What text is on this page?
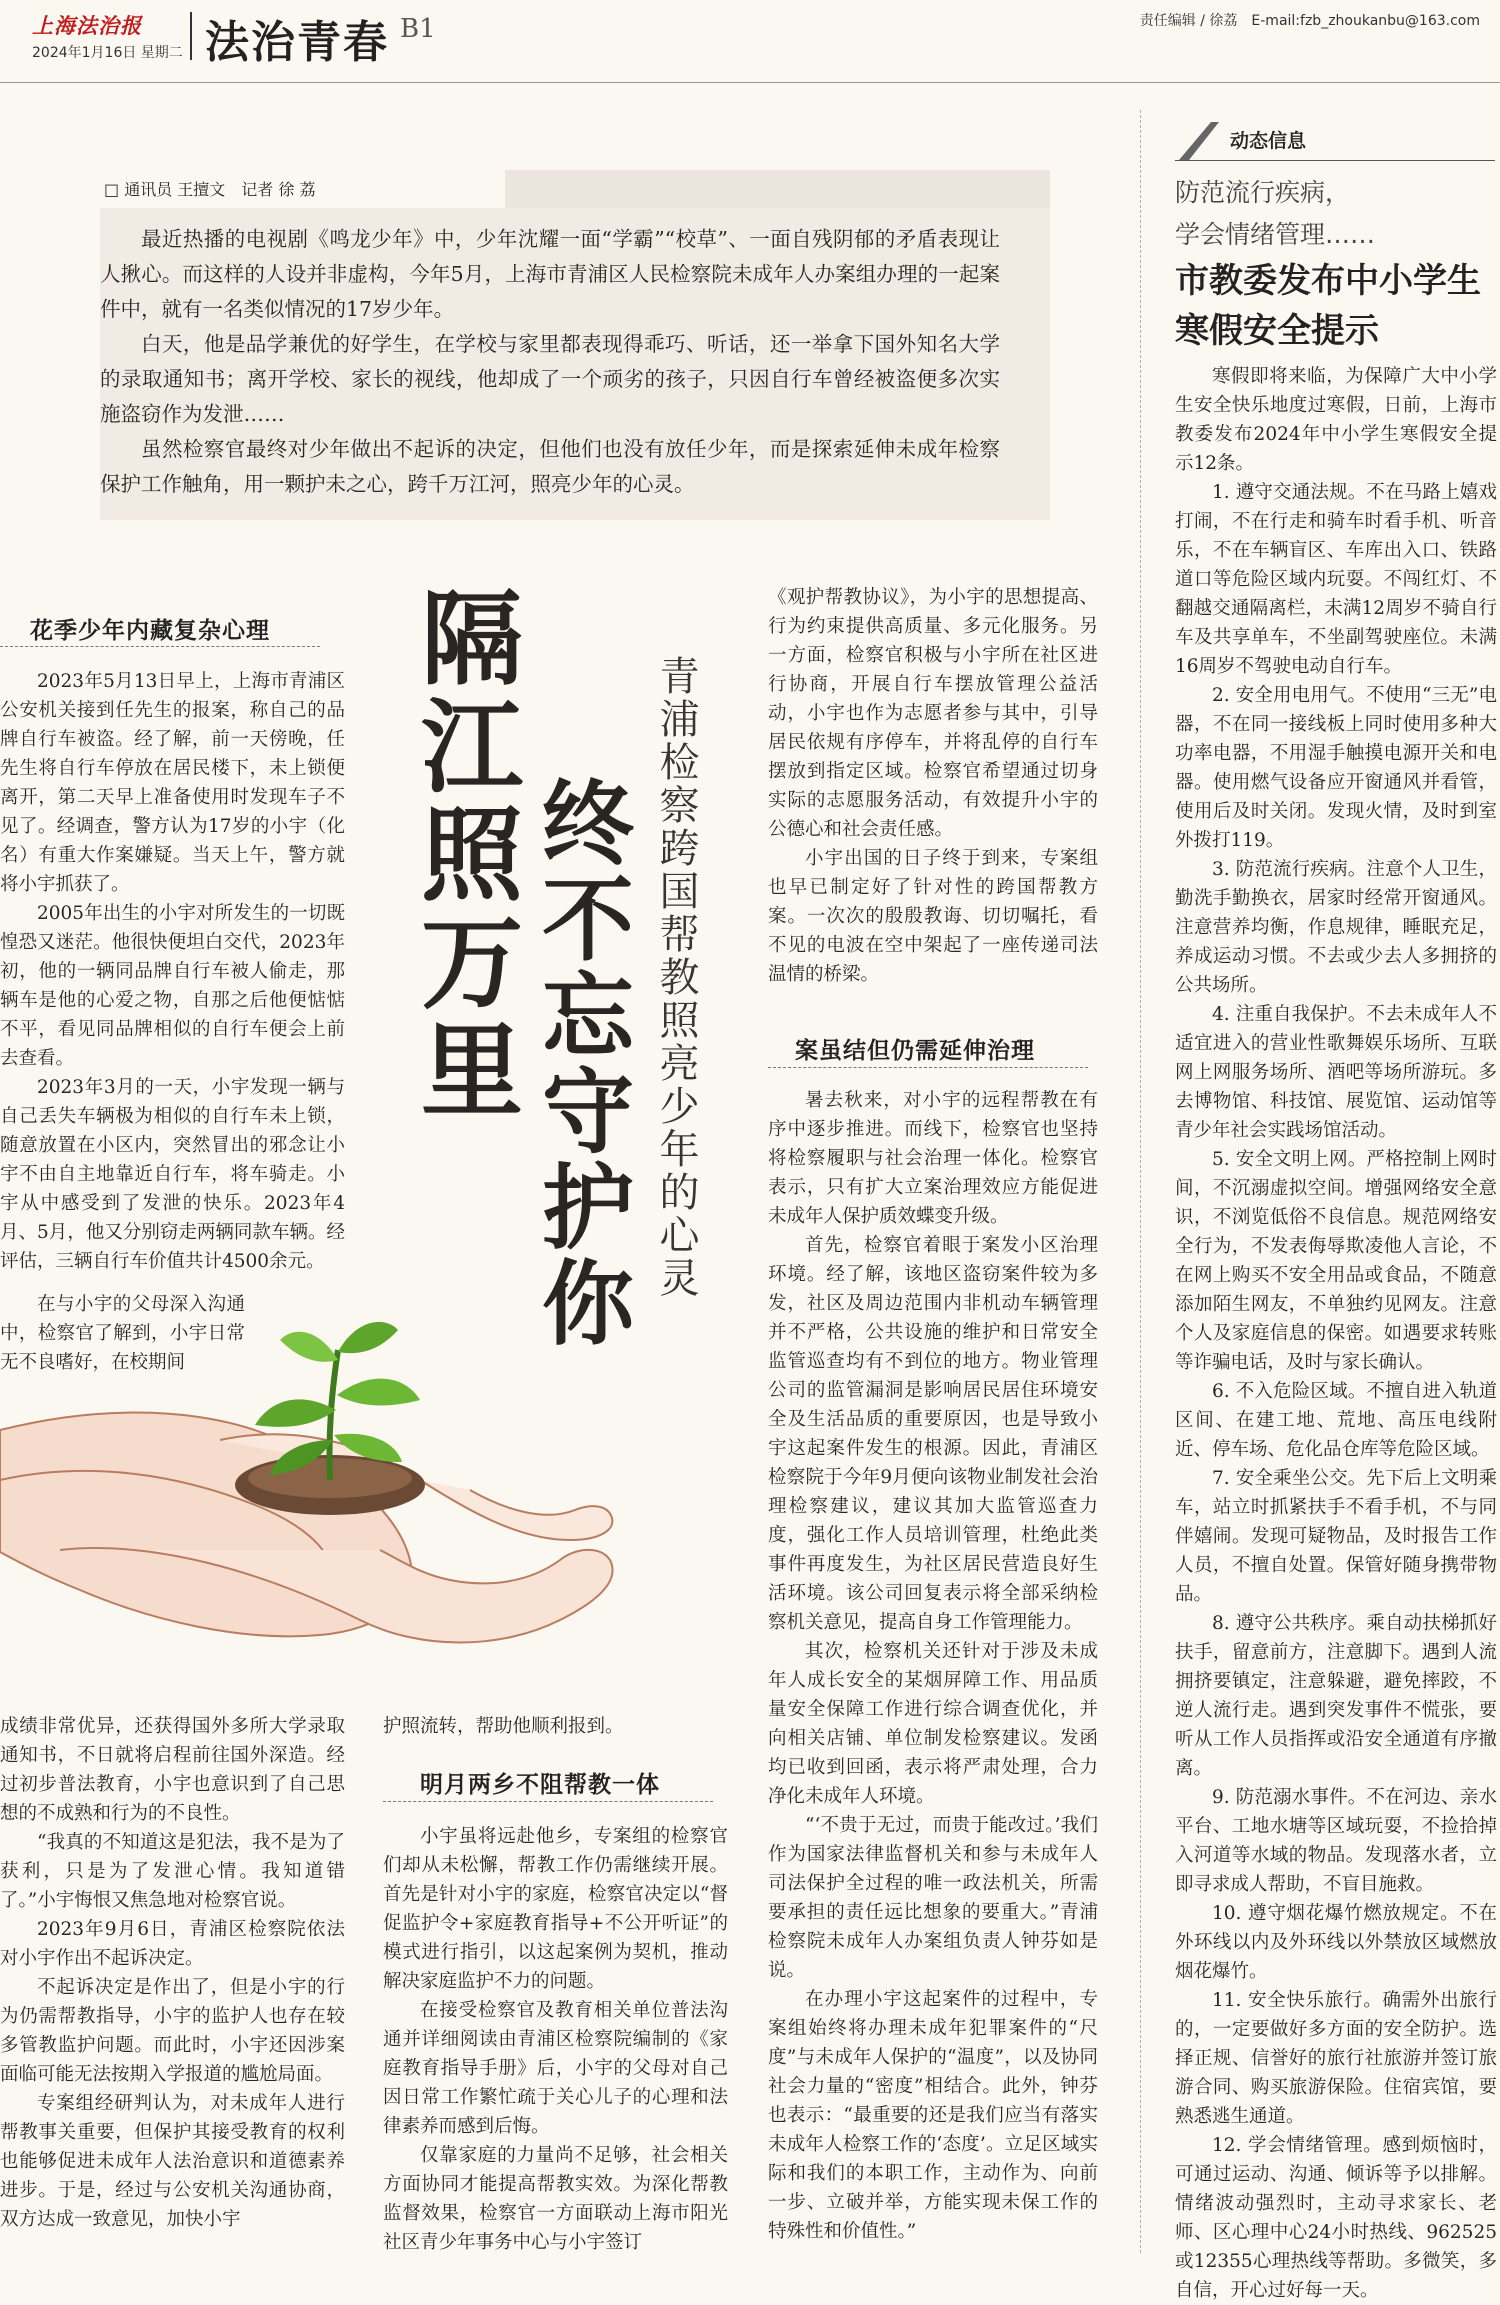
上海法治报
2024年1月16日 星期二 法治青春 B1	责任编辑 / 徐荔　E-mail:fzb_zhoukanbu@163.com
□ 通讯员 王擅文　记者 徐 荔

最近热播的电视剧《鸣龙少年》中，少年沈耀一面“学霸”“校草”、一面自残阴郁的矛盾表现让人揪心。而这样的人设并非虚构，今年5月，上海市青浦区人民检察院未成年人办案组办理的一起案件中，就有一名类似情况的17岁少年。

白天，他是品学兼优的好学生，在学校与家里都表现得乖巧、听话，还一举拿下国外知名大学的录取通知书；离开学校、家长的视线，他却成了一个顽劣的孩子，只因自行车曾经被盗便多次实施盗窃作为发泄……

虽然检察官最终对少年做出不起诉的决定，但他们也没有放任少年，而是探索延伸未成年检察保护工作触角，用一颗护未之心，跨千万江河，照亮少年的心灵。

隔江照万里 终不忘守护你 青浦检察跨国帮教照亮少年的心灵
花季少年内藏复杂心理

2023年5月13日早上，上海市青浦区公安机关接到任先生的报案，称自己的品牌自行车被盗。经了解，前一天傍晚，任先生将自行车停放在居民楼下，未上锁便离开，第二天早上准备使用时发现车子不见了。经调查，警方认为17岁的小宇（化名）有重大作案嫌疑。当天上午，警方就将小宇抓获了。

2005年出生的小宇对所发生的一切既惶恐又迷茫。他很快便坦白交代，2023年初，他的一辆同品牌自行车被人偷走，那辆车是他的心爱之物，自那之后他便惦惦不平，看见同品牌相似的自行车便会上前去查看。

2023年3月的一天，小宇发现一辆与自己丢失车辆极为相似的自行车未上锁，随意放置在小区内，突然冒出的邪念让小宇不由自主地靠近自行车，将车骑走。小宇从中感受到了发泄的快乐。2023年4月、5月，他又分别窃走两辆同款车辆。经评估，三辆自行车价值共计4500余元。

在与小宇的父母深入沟通中，检察官了解到，小宇日常无不良嗜好，在校期间

成绩非常优异，还获得国外多所大学录取通知书，不日就将启程前往国外深造。经过初步普法教育，小宇也意识到了自己思想的不成熟和行为的不良性。

“我真的不知道这是犯法，我不是为了获利，只是为了发泄心情。我知道错了。”小宇悔恨又焦急地对检察官说。

2023年9月6日，青浦区检察院依法对小宇作出不起诉决定。

不起诉决定是作出了，但是小宇的行为仍需帮教指导，小宇的监护人也存在较多管教监护问题。而此时，小宇还因涉案面临可能无法按期入学报道的尴尬局面。

专案组经研判认为，对未成年人进行帮教事关重要，但保护其接受教育的权利也能够促进未成年人法治意识和道德素养进步。于是，经过与公安机关沟通协商，双方达成一致意见，加快小宇

护照流转，帮助他顺利报到。

明月两乡不阻帮教一体

小宇虽将远赴他乡，专案组的检察官们却从未松懈，帮教工作仍需继续开展。首先是针对小宇的家庭，检察官决定以“督促监护令+家庭教育指导+不公开听证”的模式进行指引，以这起案例为契机，推动解决家庭监护不力的问题。

在接受检察官及教育相关单位普法沟通并详细阅读由青浦区检察院编制的《家庭教育指导手册》后，小宇的父母对自己因日常工作繁忙疏于关心儿子的心理和法律素养而感到后悔。

仅靠家庭的力量尚不足够，社会相关方面协同才能提高帮教实效。为深化帮教监督效果，检察官一方面联动上海市阳光社区青少年事务中心与小宇签订

《观护帮教协议》，为小宇的思想提高、行为约束提供高质量、多元化服务。另一方面，检察官积极与小宇所在社区进行协商，开展自行车摆放管理公益活动，小宇也作为志愿者参与其中，引导居民依规有序停车，并将乱停的自行车摆放到指定区域。检察官希望通过切身实际的志愿服务活动，有效提升小宇的公德心和社会责任感。

小宇出国的日子终于到来，专案组也早已制定好了针对性的跨国帮教方案。一次次的殷殷教诲、切切嘱托，看不见的电波在空中架起了一座传递司法温情的桥梁。

案虽结但仍需延伸治理

暑去秋来，对小宇的远程帮教在有序中逐步推进。而线下，检察官也坚持将检察履职与社会治理一体化。检察官表示，只有扩大立案治理效应方能促进未成年人保护质效蝶变升级。

首先，检察官着眼于案发小区治理环境。经了解，该地区盗窃案件较为多发，社区及周边范围内非机动车辆管理并不严格，公共设施的维护和日常安全监管巡查均有不到位的地方。物业管理公司的监管漏洞是影响居民居住环境安全及生活品质的重要原因，也是导致小宇这起案件发生的根源。因此，青浦区检察院于今年9月便向该物业制发社会治理检察建议，建议其加大监管巡查力度，强化工作人员培训管理，杜绝此类事件再度发生，为社区居民营造良好生活环境。该公司回复表示将全部采纳检察机关意见，提高自身工作管理能力。

其次，检察机关还针对于涉及未成年人成长安全的某烟屏障工作、用品质量安全保障工作进行综合调查优化，并向相关店铺、单位制发检察建议。发函均已收到回函，表示将严肃处理，合力净化未成年人环境。

“‘不贵于无过，而贵于能改过。’我们作为国家法律监督机关和参与未成年人司法保护全过程的唯一政法机关，所需要承担的责任远比想象的要重大。”青浦检察院未成年人办案组负责人钟芬如是说。

在办理小宇这起案件的过程中，专案组始终将办理未成年犯罪案件的“尺度”与未成年人保护的“温度”，以及协同社会力量的“密度”相结合。此外，钟芬也表示：“最重要的还是我们应当有落实未成年人检察工作的‘态度’。立足区域实际和我们的本职工作，主动作为、向前一步、立破并举，方能实现未保工作的特殊性和价值性。”

动态信息
防范流行疾病，
学会情绪管理……
市教委发布中小学生
寒假安全提示

寒假即将来临，为保障广大中小学生安全快乐地度过寒假，日前，上海市教委发布2024年中小学生寒假安全提示12条。

1. 遵守交通法规。不在马路上嬉戏打闹，不在行走和骑车时看手机、听音乐，不在车辆盲区、车库出入口、铁路道口等危险区域内玩耍。不闯红灯、不翻越交通隔离栏，未满12周岁不骑自行车及共享单车，不坐副驾驶座位。未满16周岁不驾驶电动自行车。

2. 安全用电用气。不使用“三无”电器，不在同一接线板上同时使用多种大功率电器，不用湿手触摸电源开关和电器。使用燃气设备应开窗通风并看管，使用后及时关闭。发现火情，及时到室外拨打119。

3. 防范流行疾病。注意个人卫生，勤洗手勤换衣，居家时经常开窗通风。注意营养均衡，作息规律，睡眠充足，养成运动习惯。不去或少去人多拥挤的公共场所。

4. 注重自我保护。不去未成年人不适宜进入的营业性歌舞娱乐场所、互联网上网服务场所、酒吧等场所游玩。多去博物馆、科技馆、展览馆、运动馆等青少年社会实践场馆活动。

5. 安全文明上网。严格控制上网时间，不沉溺虚拟空间。增强网络安全意识，不浏览低俗不良信息。规范网络安全行为，不发表侮辱欺凌他人言论，不在网上购买不安全用品或食品，不随意添加陌生网友，不单独约见网友。注意个人及家庭信息的保密。如遇要求转账等诈骗电话，及时与家长确认。

6. 不入危险区域。不擅自进入轨道区间、在建工地、荒地、高压电线附近、停车场、危化品仓库等危险区域。

7. 安全乘坐公交。先下后上文明乘车，站立时抓紧扶手不看手机，不与同伴嬉闹。发现可疑物品，及时报告工作人员，不擅自处置。保管好随身携带物品。

8. 遵守公共秩序。乘自动扶梯抓好扶手，留意前方，注意脚下。遇到人流拥挤要镇定，注意躲避，避免摔跤，不逆人流行走。遇到突发事件不慌张，要听从工作人员指挥或沿安全通道有序撤离。

9. 防范溺水事件。不在河边、亲水平台、工地水塘等区域玩耍，不捡拾掉入河道等水域的物品。发现落水者，立即寻求成人帮助，不盲目施救。

10. 遵守烟花爆竹燃放规定。不在外环线以内及外环线以外禁放区域燃放烟花爆竹。

11. 安全快乐旅行。确需外出旅行的，一定要做好多方面的安全防护。选择正规、信誉好的旅行社旅游并签订旅游合同、购买旅游保险。住宿宾馆，要熟悉逃生通道。

12. 学会情绪管理。感到烦恼时，可通过运动、沟通、倾诉等予以排解。情绪波动强烈时，主动寻求家长、老师、区心理中心24小时热线、962525或12355心理热线等帮助。多微笑，多自信，开心过好每一天。
